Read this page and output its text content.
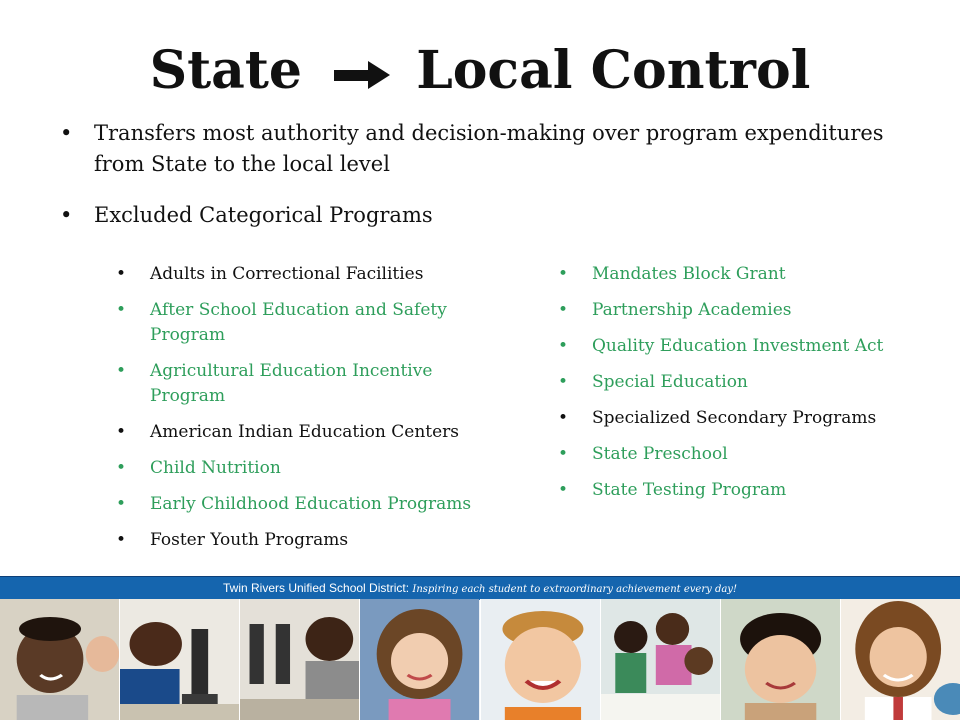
State Local Control
• Transfers most authority and decision-making over program expenditures from State to the local level
• Excluded Categorical Programs
• Adults in Correctional Facilities
• After School Education and Safety Program
• Agricultural Education Incentive Program
• American Indian Education Centers
• Child Nutrition
• Early Childhood Education Programs
• Foster Youth Programs
• Mandates Block Grant
• Partnership Academies
• Quality Education Investment Act
• Special Education
• Specialized Secondary Programs
• State Preschool
• State Testing Program
Twin Rivers Unified School District: Inspiring each student to extraordinary achievement every day!
